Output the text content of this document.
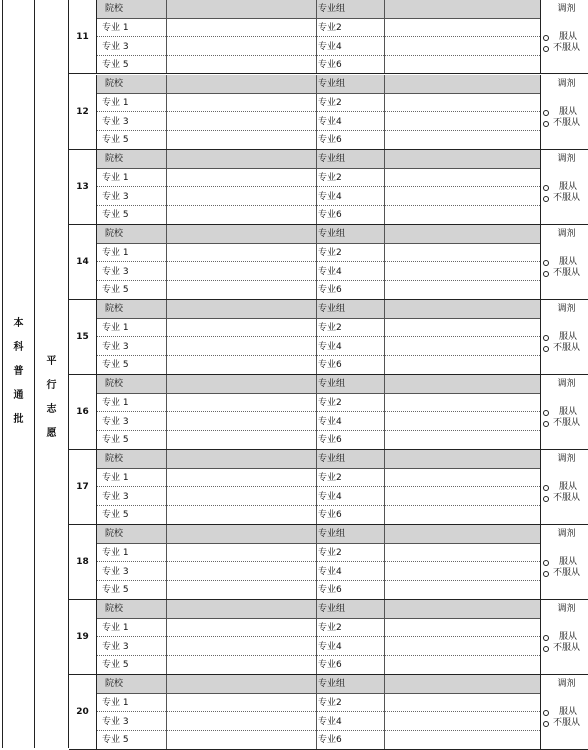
本
科
普
通
批
平
行
志
愿
11
院校	专业组
专业 1	专业2
专业 3	专业4
专业 5	专业6
调剂
服从
不服从
12
院校	专业组
专业 1	专业2
专业 3	专业4
专业 5	专业6
调剂
服从
不服从
13
院校	专业组
专业 1	专业2
专业 3	专业4
专业 5	专业6
调剂
服从
不服从
14
院校	专业组
专业 1	专业2
专业 3	专业4
专业 5	专业6
调剂
服从
不服从
15
院校	专业组
专业 1	专业2
专业 3	专业4
专业 5	专业6
调剂
服从
不服从
16
院校	专业组
专业 1	专业2
专业 3	专业4
专业 5	专业6
调剂
服从
不服从
17
院校	专业组
专业 1	专业2
专业 3	专业4
专业 5	专业6
调剂
服从
不服从
18
院校	专业组
专业 1	专业2
专业 3	专业4
专业 5	专业6
调剂
服从
不服从
19
院校	专业组
专业 1	专业2
专业 3	专业4
专业 5	专业6
调剂
服从
不服从
20
院校	专业组
专业 1	专业2
专业 3	专业4
专业 5	专业6
调剂
服从
不服从
